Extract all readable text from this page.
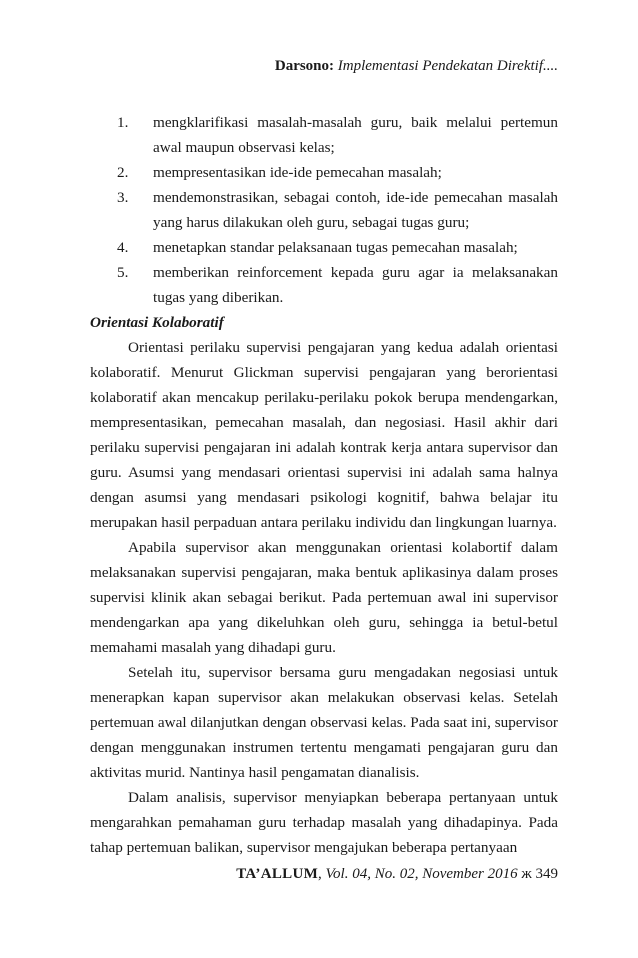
Darsono: Implementasi Pendekatan Direktif....
1. mengklarifikasi masalah-masalah guru, baik melalui pertemun awal maupun observasi kelas;
2. mempresentasikan ide-ide pemecahan masalah;
3. mendemonstrasikan, sebagai contoh, ide-ide pemecahan masalah yang harus dilakukan oleh guru, sebagai tugas guru;
4. menetapkan standar pelaksanaan tugas pemecahan masalah;
5. memberikan reinforcement kepada guru agar ia melaksanakan tugas yang diberikan.
Orientasi Kolaboratif

Orientasi perilaku supervisi pengajaran yang kedua adalah orientasi kolaboratif. Menurut Glickman supervisi pengajaran yang berorientasi kolaboratif akan mencakup perilaku-perilaku pokok berupa mendengarkan, mempresentasikan, pemecahan masalah, dan negosiasi. Hasil akhir dari perilaku supervisi pengajaran ini adalah kontrak kerja antara supervisor dan guru. Asumsi yang mendasari orientasi supervisi ini adalah sama halnya dengan asumsi yang mendasari psikologi kognitif, bahwa belajar itu merupakan hasil perpaduan antara perilaku individu dan lingkungan luarnya.

Apabila supervisor akan menggunakan orientasi kolabortif dalam melaksanakan supervisi pengajaran, maka bentuk aplikasinya dalam proses supervisi klinik akan sebagai berikut. Pada pertemuan awal ini supervisor mendengarkan apa yang dikeluhkan oleh guru, sehingga ia betul-betul memahami masalah yang dihadapi guru.

Setelah itu, supervisor bersama guru mengadakan negosiasi untuk menerapkan kapan supervisor akan melakukan observasi kelas. Setelah pertemuan awal dilanjutkan dengan observasi kelas. Pada saat ini, supervisor dengan menggunakan instrumen tertentu mengamati pengajaran guru dan aktivitas murid. Nantinya hasil pengamatan dianalisis.

Dalam analisis, supervisor menyiapkan beberapa pertanyaan untuk mengarahkan pemahaman guru terhadap masalah yang dihadapinya. Pada tahap pertemuan balikan, supervisor mengajukan beberapa pertanyaan

TA’ALLUM, Vol. 04, No. 02, November 2016 ж 349
